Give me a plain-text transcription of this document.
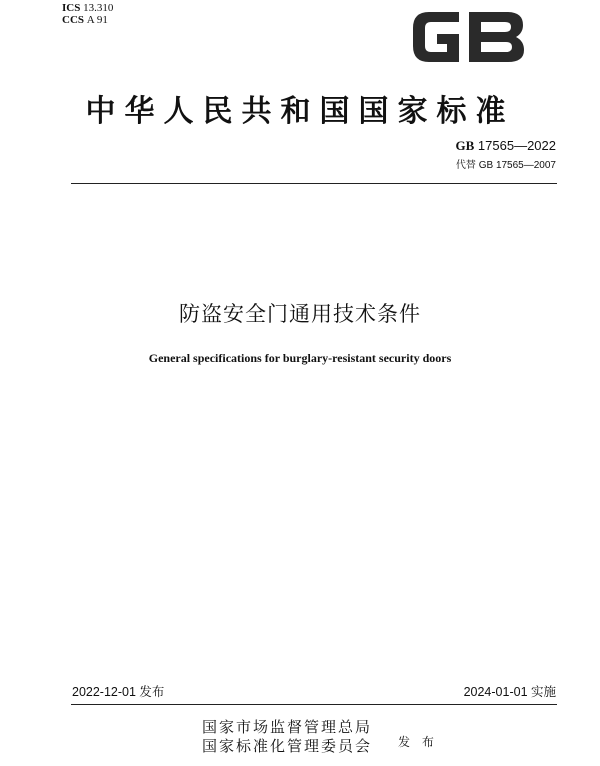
ICS 13.310
CCS A 91
中华人民共和国国家标准
GB 17565—2022
代替 GB 17565—2007
防盗安全门通用技术条件
General specifications for burglary-resistant security doors
2022-12-01 发布	2024-01-01 实施
国家市场监督管理总局
国家标准化管理委员会 发 布
